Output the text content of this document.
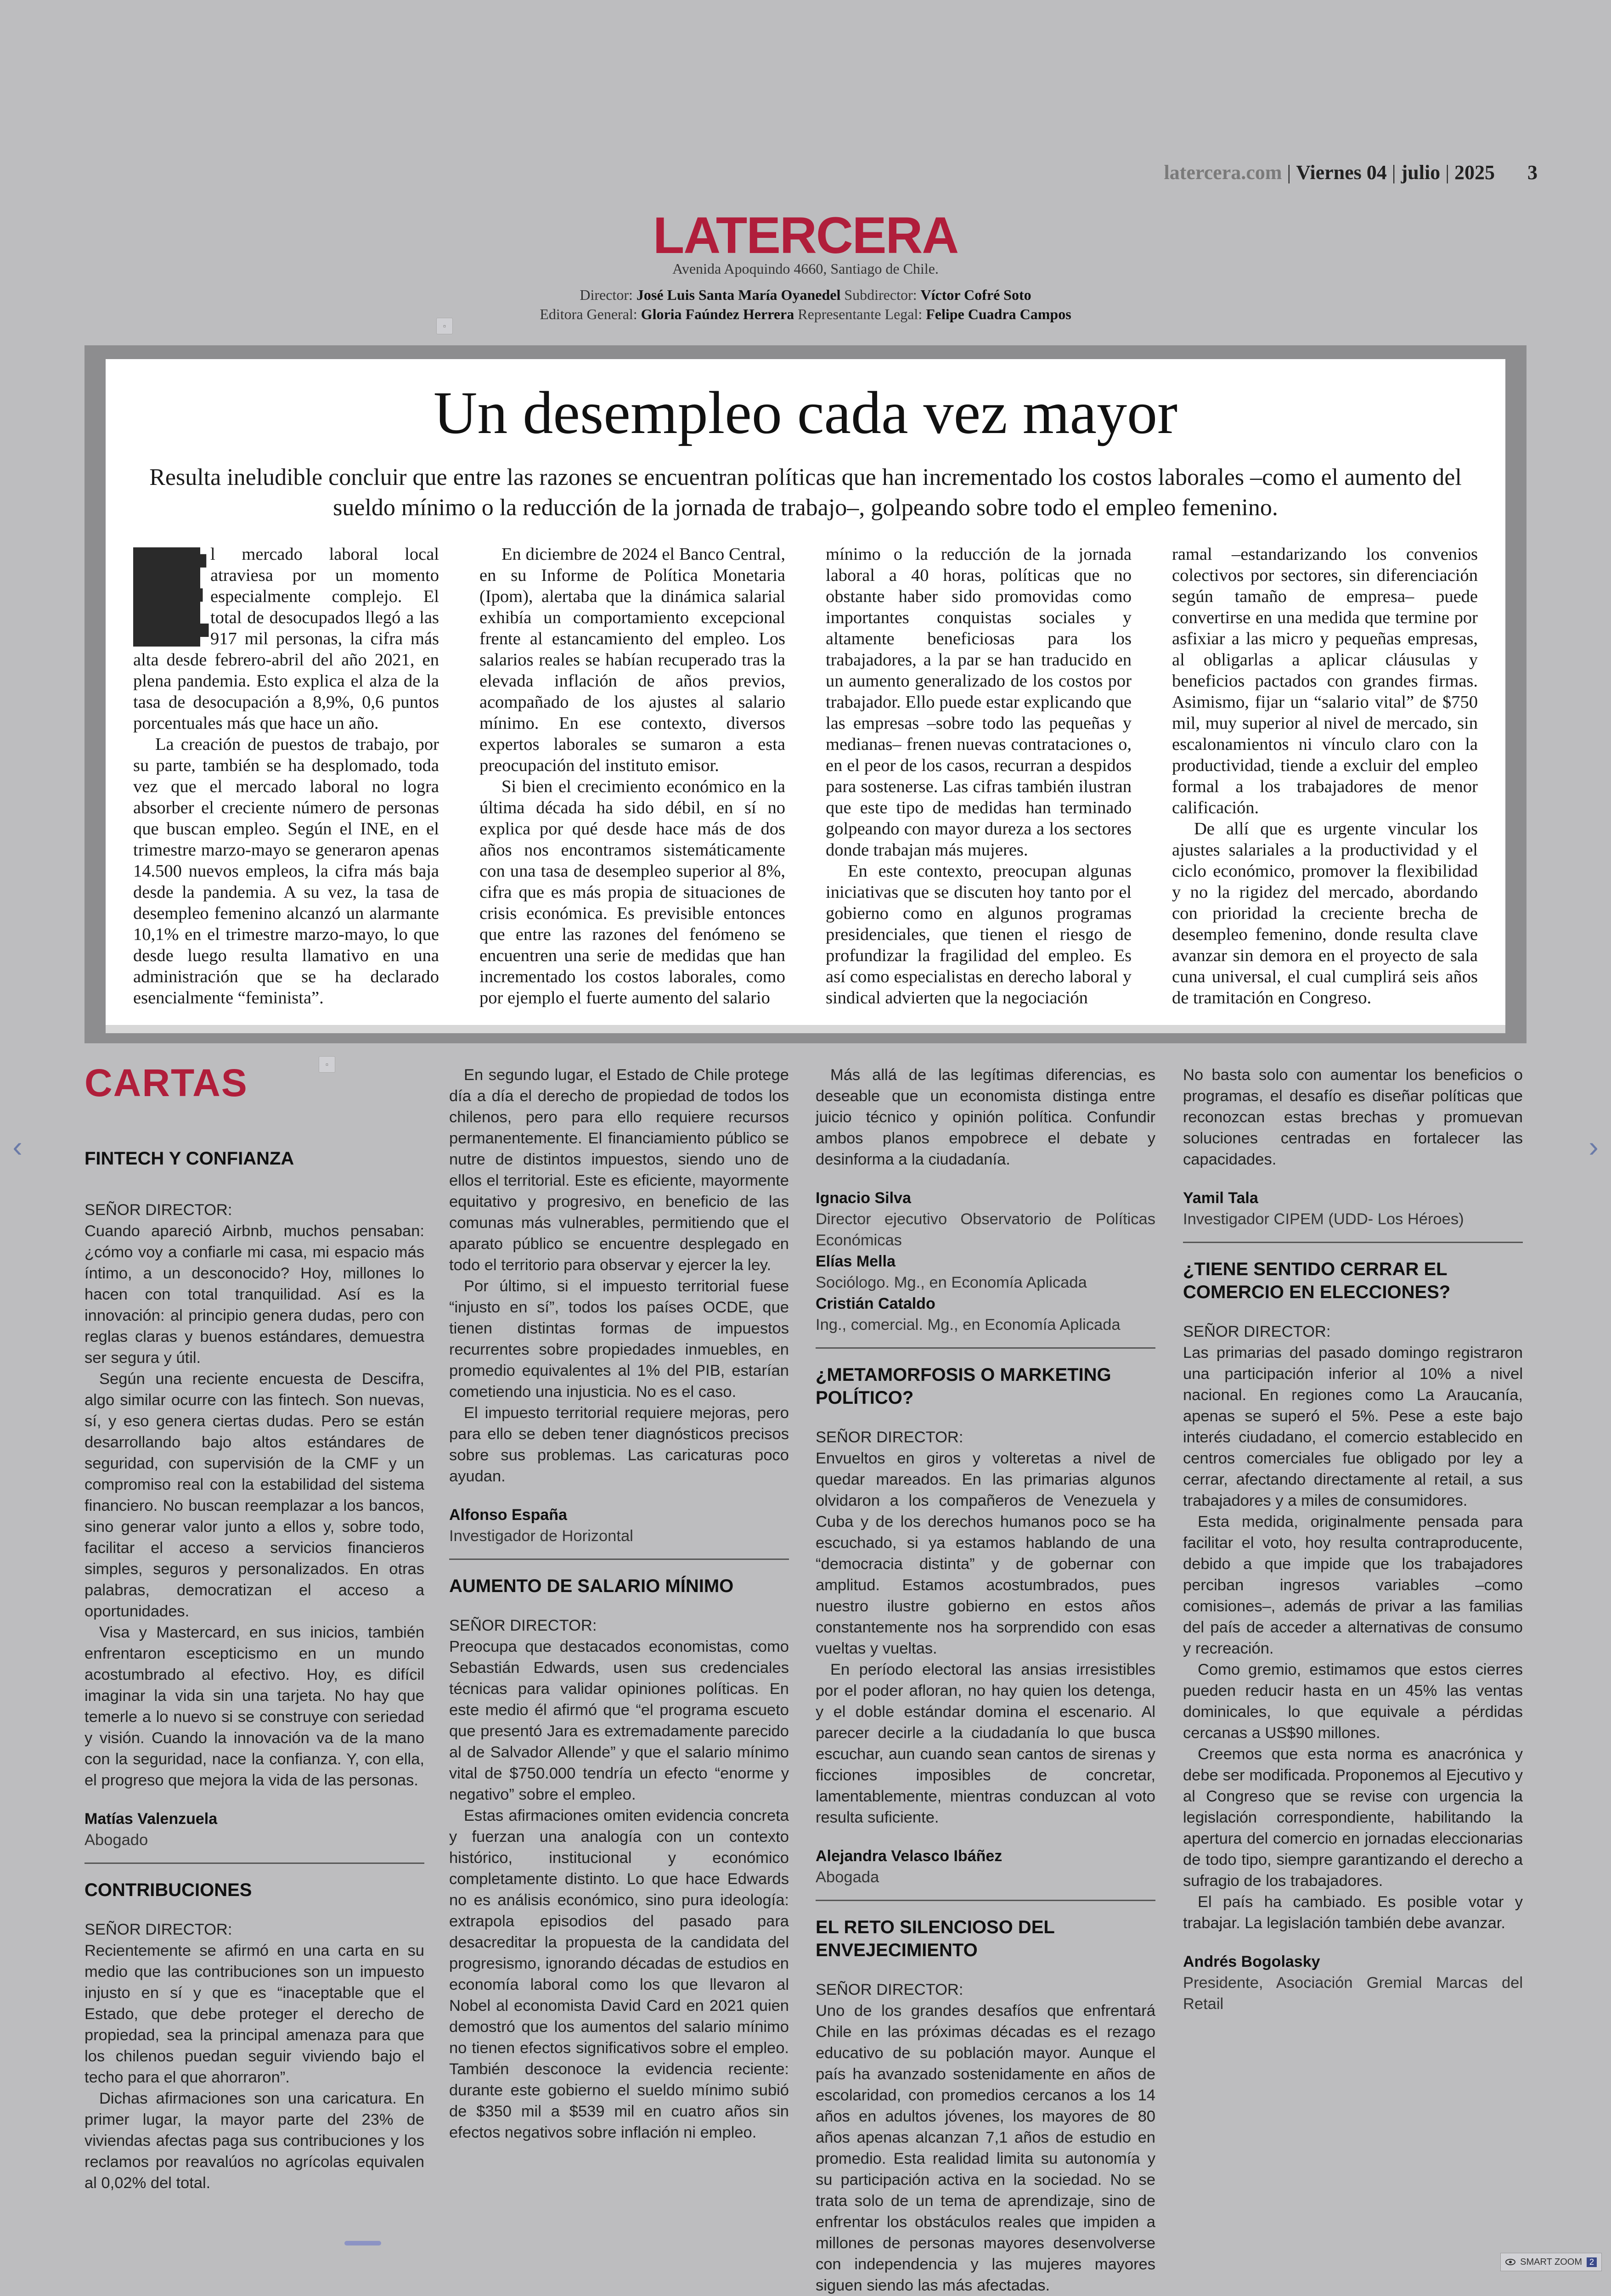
latercera.com | Viernes 04 | julio | 2025 3
LATERCERA
Avenida Apoquindo 4660, Santiago de Chile.
Director: José Luis Santa María Oyanedel Subdirector: Víctor Cofré Soto
Editora General: Gloria Faúndez Herrera Representante Legal: Felipe Cuadra Campos
▫
▫
Un desempleo cada vez mayor
Resulta ineludible concluir que entre las razones se encuentran políticas que han incrementado los costos laborales –como el aumento del sueldo mínimo o la reducción de la jornada de trabajo–, golpeando sobre todo el empleo femenino.

E
l mercado laboral local atraviesa por un momento especialmente complejo. El total de desocupados llegó a las 917 mil personas, la cifra más alta desde febrero-abril del año 2021, en plena pandemia. Esto explica el alza de la tasa de desocupación a 8,9%, 0,6 puntos porcentuales más que hace un año.

La creación de puestos de trabajo, por su parte, también se ha desplomado, toda vez que el mercado laboral no logra absorber el creciente número de personas que buscan empleo. Según el INE, en el trimestre marzo-mayo se generaron apenas 14.500 nuevos empleos, la cifra más baja desde la pandemia. A su vez, la tasa de desempleo femenino alcanzó un alarmante 10,1% en el trimestre marzo-mayo, lo que desde luego resulta llamativo en una administración que se ha declarado esencialmente “feminista”.

En diciembre de 2024 el Banco Central, en su Informe de Política Monetaria (Ipom), alertaba que la dinámica salarial exhibía un comportamiento excepcional frente al estancamiento del empleo. Los salarios reales se habían recuperado tras la elevada inflación de años previos, acompañado de los ajustes al salario mínimo. En ese contexto, diversos expertos laborales se sumaron a esta preocupación del instituto emisor.

Si bien el crecimiento económico en la última década ha sido débil, en sí no explica por qué desde hace más de dos años nos encontramos sistemáticamente con una tasa de desempleo superior al 8%, cifra que es más propia de situaciones de crisis económica. Es previsible entonces que entre las razones del fenómeno se encuentren una serie de medidas que han incrementado los costos laborales, como por ejemplo el fuerte aumento del salario

mínimo o la reducción de la jornada laboral a 40 horas, políticas que no obstante haber sido promovidas como importantes conquistas sociales y altamente beneficiosas para los trabajadores, a la par se han traducido en un aumento generalizado de los costos por trabajador. Ello puede estar explicando que las empresas –sobre todo las pequeñas y medianas– frenen nuevas contrataciones o, en el peor de los casos, recurran a despidos para sostenerse. Las cifras también ilustran que este tipo de medidas han terminado golpeando con mayor dureza a los sectores donde trabajan más mujeres.

En este contexto, preocupan algunas iniciativas que se discuten hoy tanto por el gobierno como en algunos programas presidenciales, que tienen el riesgo de profundizar la fragilidad del empleo. Es así como especialistas en derecho laboral y sindical advierten que la negociación

ramal –estandarizando los convenios colectivos por sectores, sin diferenciación según tamaño de empresa– puede convertirse en una medida que termine por asfixiar a las micro y pequeñas empresas, al obligarlas a aplicar cláusulas y beneficios pactados con grandes firmas. Asimismo, fijar un “salario vital” de $750 mil, muy superior al nivel de mercado, sin escalonamientos ni vínculo claro con la productividad, tiende a excluir del empleo formal a los trabajadores de menor calificación.

De allí que es urgente vincular los ajustes salariales a la productividad y el ciclo económico, promover la flexibilidad y no la rigidez del mercado, abordando con prioridad la creciente brecha de desempleo femenino, donde resulta clave avanzar sin demora en el proyecto de sala cuna universal, el cual cumplirá seis años de tramitación en Congreso.

CARTAS
FINTECH Y CONFIANZA

SEÑOR DIRECTOR:

Cuando apareció Airbnb, muchos pensaban: ¿cómo voy a confiarle mi casa, mi espacio más íntimo, a un desconocido? Hoy, millones lo hacen con total tranquilidad. Así es la innovación: al principio genera dudas, pero con reglas claras y buenos estándares, demuestra ser segura y útil.

Según una reciente encuesta de Descifra, algo similar ocurre con las fintech. Son nuevas, sí, y eso genera ciertas dudas. Pero se están desarrollando bajo altos estándares de seguridad, con supervisión de la CMF y un compromiso real con la estabilidad del sistema financiero. No buscan reemplazar a los bancos, sino generar valor junto a ellos y, sobre todo, facilitar el acceso a servicios financieros simples, seguros y personalizados. En otras palabras, democratizan el acceso a oportunidades.

Visa y Mastercard, en sus inicios, también enfrentaron escepticismo en un mundo acostumbrado al efectivo. Hoy, es difícil imaginar la vida sin una tarjeta. No hay que temerle a lo nuevo si se construye con seriedad y visión. Cuando la innovación va de la mano con la seguridad, nace la confianza. Y, con ella, el progreso que mejora la vida de las personas.

Matías Valenzuela

Abogado

CONTRIBUCIONES

SEÑOR DIRECTOR:

Recientemente se afirmó en una carta en su medio que las contribuciones son un impuesto injusto en sí y que es “inaceptable que el Estado, que debe proteger el derecho de propiedad, sea la principal amenaza para que los chilenos puedan seguir viviendo bajo el techo para el que ahorraron”.

Dichas afirmaciones son una caricatura. En primer lugar, la mayor parte del 23% de viviendas afectas paga sus contribuciones y los reclamos por reavalúos no agrícolas equivalen al 0,02% del total.

En segundo lugar, el Estado de Chile protege día a día el derecho de propiedad de todos los chilenos, pero para ello requiere recursos permanentemente. El financiamiento público se nutre de distintos impuestos, siendo uno de ellos el territorial. Este es eficiente, mayormente equitativo y progresivo, en beneficio de las comunas más vulnerables, permitiendo que el aparato público se encuentre desplegado en todo el territorio para observar y ejercer la ley.

Por último, si el impuesto territorial fuese “injusto en sí”, todos los países OCDE, que tienen distintas formas de impuestos recurrentes sobre propiedades inmuebles, en promedio equivalentes al 1% del PIB, estarían cometiendo una injusticia. No es el caso.

El impuesto territorial requiere mejoras, pero para ello se deben tener diagnósticos precisos sobre sus problemas. Las caricaturas poco ayudan.

Alfonso España

Investigador de Horizontal

AUMENTO DE SALARIO MÍNIMO

SEÑOR DIRECTOR:

Preocupa que destacados economistas, como Sebastián Edwards, usen sus credenciales técnicas para validar opiniones políticas. En este medio él afirmó que “el programa escueto que presentó Jara es extremadamente parecido al de Salvador Allende” y que el salario mínimo vital de $750.000 tendría un efecto “enorme y negativo” sobre el empleo.

Estas afirmaciones omiten evidencia concreta y fuerzan una analogía con un contexto histórico, institucional y económico completamente distinto. Lo que hace Edwards no es análisis económico, sino pura ideología: extrapola episodios del pasado para desacreditar la propuesta de la candidata del progresismo, ignorando décadas de estudios en economía laboral como los que llevaron al Nobel al economista David Card en 2021 quien demostró que los aumentos del salario mínimo no tienen efectos significativos sobre el empleo. También desconoce la evidencia reciente: durante este gobierno el sueldo mínimo subió de $350 mil a $539 mil en cuatro años sin efectos negativos sobre inflación ni empleo.

Más allá de las legítimas diferencias, es deseable que un economista distinga entre juicio técnico y opinión política. Confundir ambos planos empobrece el debate y desinforma a la ciudadanía.

Ignacio Silva

Director ejecutivo Observatorio de Políticas Económicas

Elías Mella

Sociólogo. Mg., en Economía Aplicada

Cristián Cataldo

Ing., comercial. Mg., en Economía Aplicada

¿METAMORFOSIS O MARKETING POLÍTICO?

SEÑOR DIRECTOR:

Envueltos en giros y volteretas a nivel de quedar mareados. En las primarias algunos olvidaron a los compañeros de Venezuela y Cuba y de los derechos humanos poco se ha escuchado, si ya estamos hablando de una “democracia distinta” y de gobernar con amplitud. Estamos acostumbrados, pues nuestro ilustre gobierno en estos años constantemente nos ha sorprendido con esas vueltas y vueltas.

En período electoral las ansias irresistibles por el poder afloran, no hay quien los detenga, y el doble estándar domina el escenario. Al parecer decirle a la ciudadanía lo que busca escuchar, aun cuando sean cantos de sirenas y ficciones imposibles de concretar, lamentablemente, mientras conduzcan al voto resulta suficiente.

Alejandra Velasco Ibáñez

Abogada

EL RETO SILENCIOSO DEL ENVEJECIMIENTO

SEÑOR DIRECTOR:

Uno de los grandes desafíos que enfrentará Chile en las próximas décadas es el rezago educativo de su población mayor. Aunque el país ha avanzado sostenidamente en años de escolaridad, con promedios cercanos a los 14 años en adultos jóvenes, los mayores de 80 años apenas alcanzan 7,1 años de estudio en promedio. Esta realidad limita su autonomía y su participación activa en la sociedad. No se trata solo de un tema de aprendizaje, sino de enfrentar los obstáculos reales que impiden a millones de personas mayores desenvolverse con independencia y las mujeres mayores siguen siendo las más afectadas.

No basta solo con aumentar los beneficios o programas, el desafío es diseñar políticas que reconozcan estas brechas y promuevan soluciones centradas en fortalecer las capacidades.

Yamil Tala

Investigador CIPEM (UDD- Los Héroes)

¿TIENE SENTIDO CERRAR EL COMERCIO EN ELECCIONES?

SEÑOR DIRECTOR:

Las primarias del pasado domingo registraron una participación inferior al 10% a nivel nacional. En regiones como La Araucanía, apenas se superó el 5%. Pese a este bajo interés ciudadano, el comercio establecido en centros comerciales fue obligado por ley a cerrar, afectando directamente al retail, a sus trabajadores y a miles de consumidores.

Esta medida, originalmente pensada para facilitar el voto, hoy resulta contraproducente, debido a que impide que los trabajadores perciban ingresos variables –como comisiones–, además de privar a las familias del país de acceder a alternativas de consumo y recreación.

Como gremio, estimamos que estos cierres pueden reducir hasta en un 45% las ventas dominicales, lo que equivale a pérdidas cercanas a US$90 millones.

Creemos que esta norma es anacrónica y debe ser modificada. Proponemos al Ejecutivo y al Congreso que se revise con urgencia la legislación correspondiente, habilitando la apertura del comercio en jornadas eleccionarias de todo tipo, siempre garantizando el derecho a sufragio de los trabajadores.

El país ha cambiado. Es posible votar y trabajar. La legislación también debe avanzar.

Andrés Bogolasky

Presidente, Asociación Gremial Marcas del Retail

‹	›
SMART ZOOM 2
